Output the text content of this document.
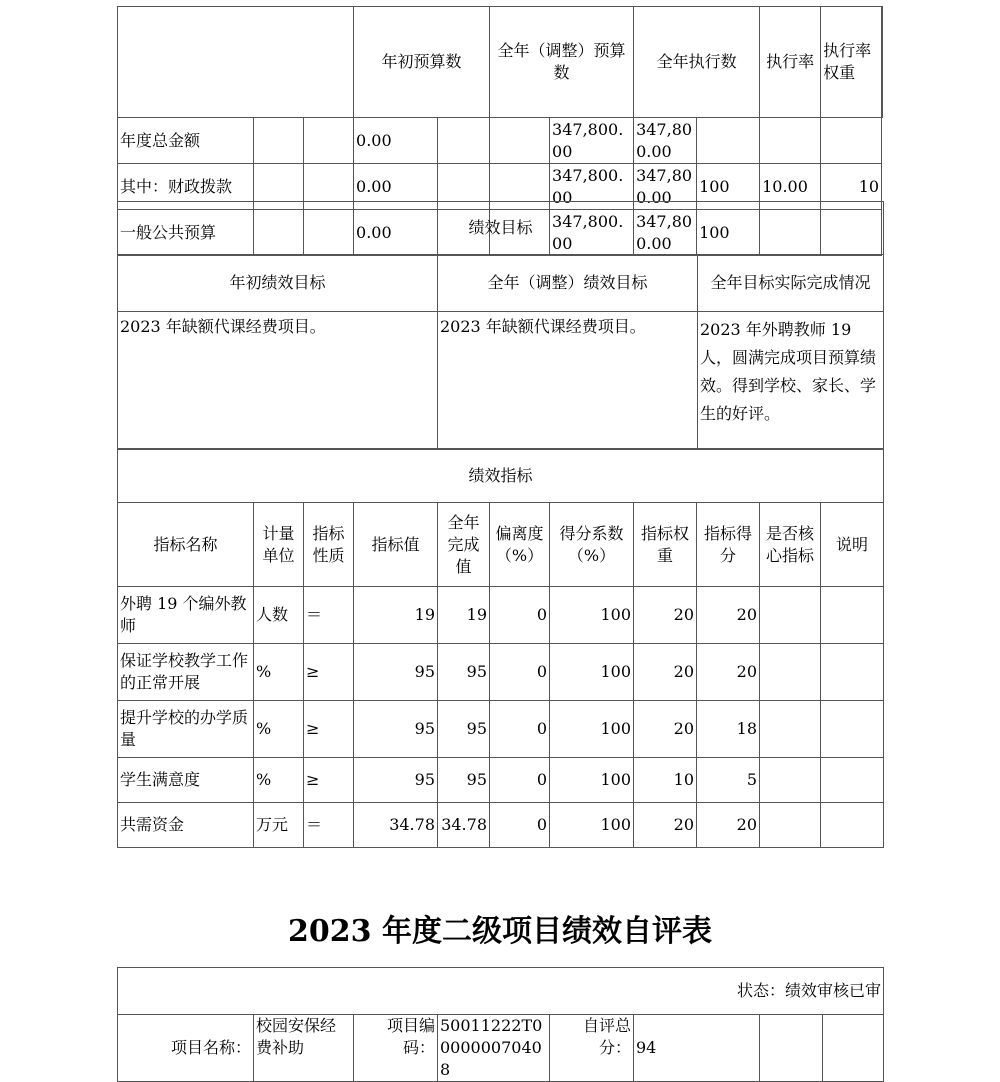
			年初预算数		全年（调整）预算数		全年执行数		执行率	执行率权重	
年度总金额			0.00			347,800.00	347,800.00				
其中：财政拨款			0.00			347,800.00	347,800.00	100	10.00	10	
一般公共预算			0.00			347,800.00	347,800.00	100			
绩效目标		
年初绩效目标	全年（调整）绩效目标	全年目标实际完成情况
2023 年缺额代课经费项目。	2023 年缺额代课经费项目。	2023 年外聘教师 19 人，圆满完成项目预算绩效。得到学校、家长、学生的好评。
绩效指标										
指标名称	计量单位	指标性质	指标值	全年完成值	偏离度（%）	得分系数（%）	指标权重	指标得分	是否核心指标	说明
外聘 19 个编外教师	人数	＝	19	19	0	100	20	20		
保证学校教学工作的正常开展	%	≥	95	95	0	100	20	20		
提升学校的办学质量	%	≥	95	95	0	100	20	18		
学生满意度	%	≥	95	95	0	100	10	5		
共需资金	万元	＝	34.78	34.78	0	100	20	20		
2023 年度二级项目绩效自评表
状态：绩效审核已审
项目名称：	校园安保经费补助	项目编码：	50011222T000000070408	自评总分：	94		
